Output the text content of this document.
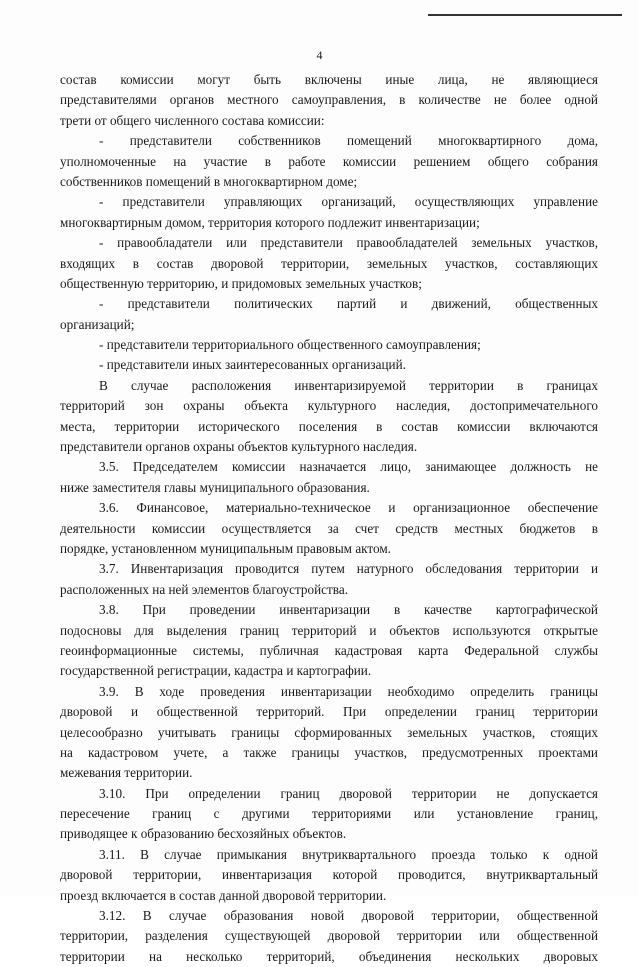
4
состав комиссии могут быть включены иные лица, не являющиеся
представителями органов местного самоуправления, в количестве не более одной
трети от общего численного состава комиссии:
- представители собственников помещений многоквартирного дома,
уполномоченные на участие в работе комиссии решением общего собрания
собственников помещений в многоквартирном доме;
- представители управляющих организаций, осуществляющих управление
многоквартирным домом, территория которого подлежит инвентаризации;
- правообладатели или представители правообладателей земельных участков,
входящих в состав дворовой территории, земельных участков, составляющих
общественную территорию, и придомовых земельных участков;
- представители политических партий и движений, общественных
организаций;
- представители территориального общественного самоуправления;
- представители иных заинтересованных организаций.
В случае расположения инвентаризируемой территории в границах
территорий зон охраны объекта культурного наследия, достопримечательного
места, территории исторического поселения в состав комиссии включаются
представители органов охраны объектов культурного наследия.
3.5. Председателем комиссии назначается лицо, занимающее должность не
ниже заместителя главы муниципального образования.
3.6. Финансовое, материально-техническое и организационное обеспечение
деятельности комиссии осуществляется за счет средств местных бюджетов в
порядке, установленном муниципальным правовым актом.
3.7. Инвентаризация проводится путем натурного обследования территории и
расположенных на ней элементов благоустройства.
3.8. При проведении инвентаризации в качестве картографической
подосновы для выделения границ территорий и объектов используются открытые
геоинформационные системы, публичная кадастровая карта Федеральной службы
государственной регистрации, кадастра и картографии.
3.9. В ходе проведения инвентаризации необходимо определить границы
дворовой и общественной территорий. При определении границ территории
целесообразно учитывать границы сформированных земельных участков, стоящих
на кадастровом учете, а также границы участков, предусмотренных проектами
межевания территории.
3.10. При определении границ дворовой территории не допускается
пересечение границ с другими территориями или установление границ,
приводящее к образованию бесхозяйных объектов.
3.11. В случае примыкания внутриквартального проезда только к одной
дворовой территории, инвентаризация которой проводится, внутриквартальный
проезд включается в состав данной дворовой территории.
3.12. В случае образования новой дворовой территории, общественной
территории, разделения существующей дворовой территории или общественной
территории на несколько территорий, объединения нескольких дворовых
